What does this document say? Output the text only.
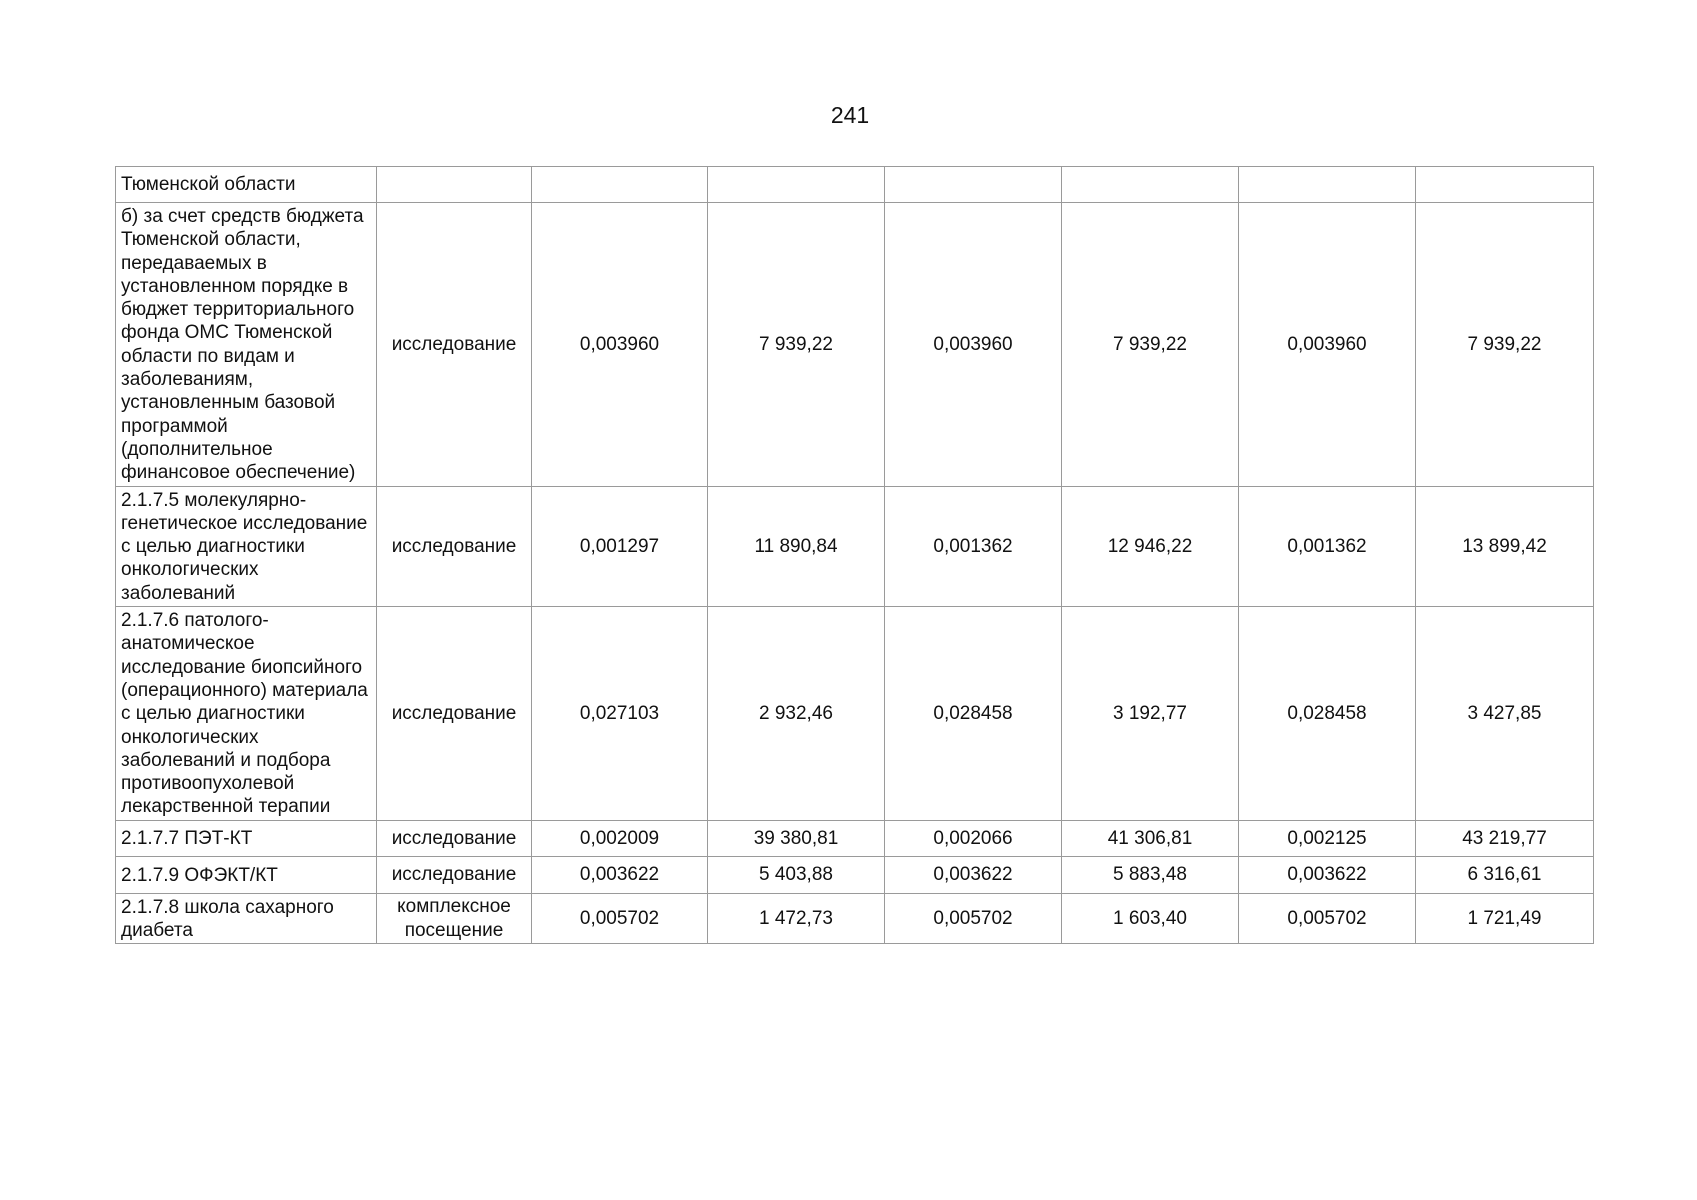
241
Тюменской области							
б) за счет средств бюджета Тюменской области, передаваемых в установленном порядке в бюджет территориального фонда ОМС Тюменской области по видам и заболеваниям, установленным базовой программой (дополнительное финансовое обеспечение)	исследование	0,003960	7 939,22	0,003960	7 939,22	0,003960	7 939,22
2.1.7.5 молекулярно-генетическое исследование с целью диагностики онкологических заболеваний	исследование	0,001297	11 890,84	0,001362	12 946,22	0,001362	13 899,42
2.1.7.6 патолого-анатомическое исследование биопсийного (операционного) материала с целью диагностики онкологических заболеваний и подбора противоопухолевой лекарственной терапии	исследование	0,027103	2 932,46	0,028458	3 192,77	0,028458	3 427,85
2.1.7.7 ПЭТ-КТ	исследование	0,002009	39 380,81	0,002066	41 306,81	0,002125	43 219,77
2.1.7.9 ОФЭКТ/КТ	исследование	0,003622	5 403,88	0,003622	5 883,48	0,003622	6 316,61
2.1.7.8 школа сахарного диабета	комплексное посещение	0,005702	1 472,73	0,005702	1 603,40	0,005702	1 721,49
